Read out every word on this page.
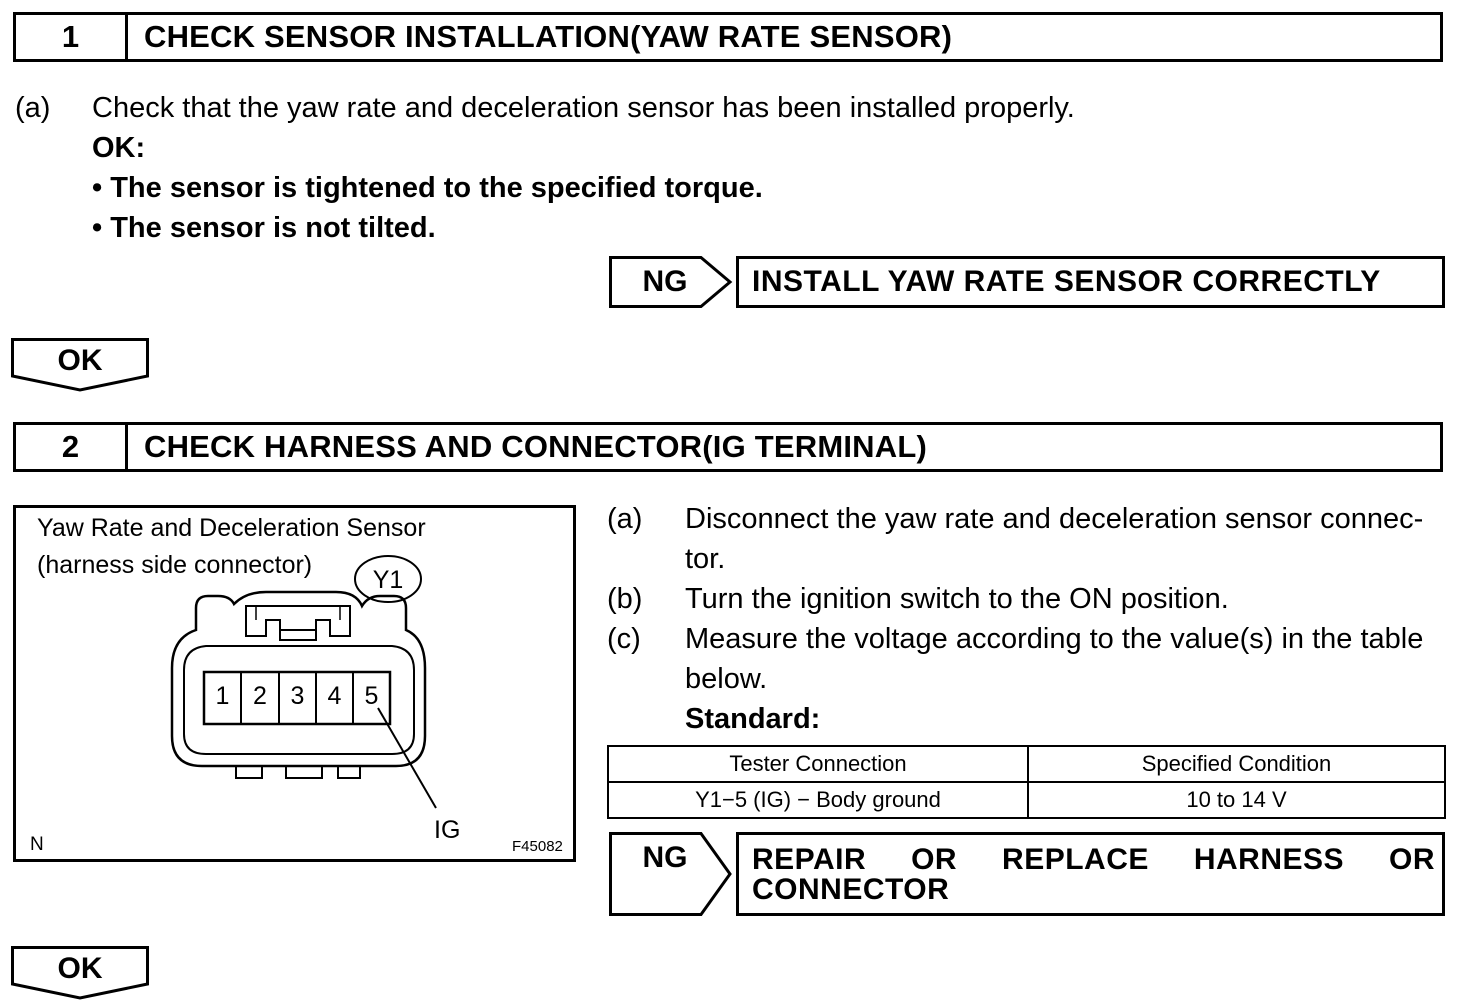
1	CHECK SENSOR INSTALLATION(YAW RATE SENSOR)
(a) Check that the yaw rate and deceleration sensor has been installed properly.
OK:
• The sensor is tightened to the specified torque.
• The sensor is not tilted.
NG	INSTALL YAW RATE SENSOR CORRECTLY
OK
2	CHECK HARNESS AND CONNECTOR(IG TERMINAL)
Yaw Rate and Deceleration Sensor
(harness side connector)
Y1
1 2 3 4 5
IG
N	F45082
(a) Disconnect the yaw rate and deceleration sensor connec-
tor.
(b) Turn the ignition switch to the ON position.
(c) Measure the voltage according to the value(s) in the table
below.
Standard:
Tester Connection	Specified Condition
Y1−5 (IG) − Body ground	10 to 14 V
NG	REPAIR OR REPLACE HARNESS OR
CONNECTOR
OK
